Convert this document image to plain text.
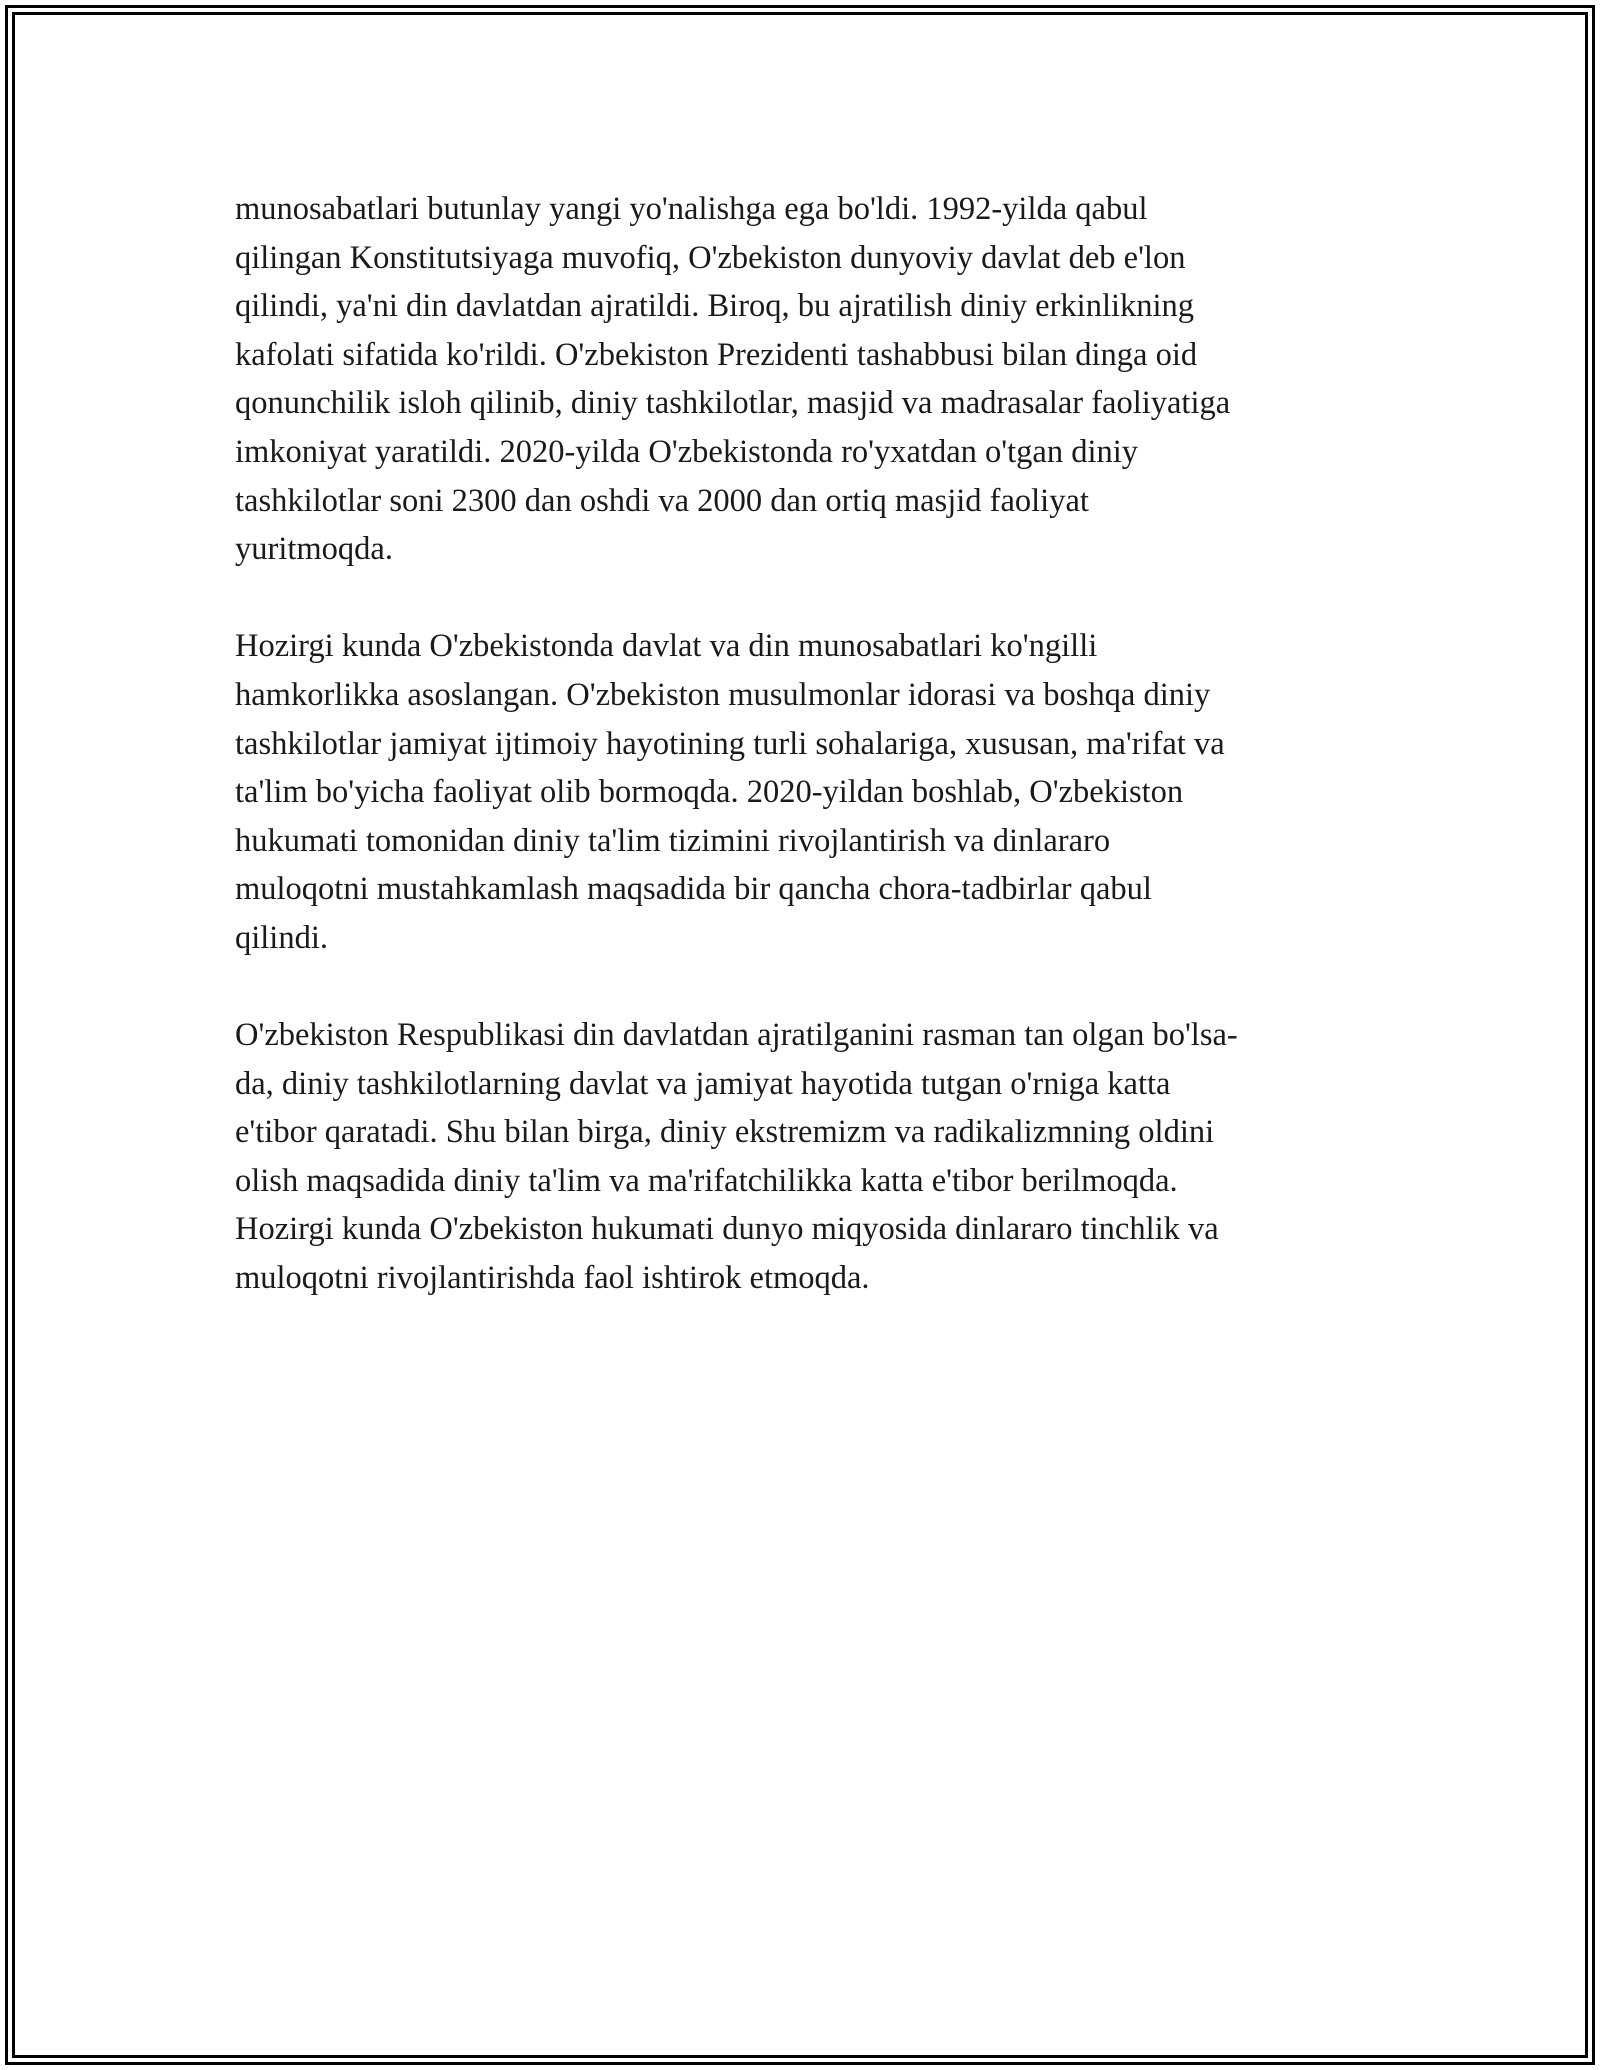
munosabatlari butunlay yangi yo'nalishga ega bo'ldi. 1992-yilda qabul
qilingan Konstitutsiyaga muvofiq, O'zbekiston dunyoviy davlat deb e'lon
qilindi, ya'ni din davlatdan ajratildi. Biroq, bu ajratilish diniy erkinlikning
kafolati sifatida ko'rildi. O'zbekiston Prezidenti tashabbusi bilan dinga oid
qonunchilik isloh qilinib, diniy tashkilotlar, masjid va madrasalar faoliyatiga
imkoniyat yaratildi. 2020-yilda O'zbekistonda ro'yxatdan o'tgan diniy
tashkilotlar soni 2300 dan oshdi va 2000 dan ortiq masjid faoliyat
yuritmoqda.

Hozirgi kunda O'zbekistonda davlat va din munosabatlari ko'ngilli
hamkorlikka asoslangan. O'zbekiston musulmonlar idorasi va boshqa diniy
tashkilotlar jamiyat ijtimoiy hayotining turli sohalariga, xususan, ma'rifat va
ta'lim bo'yicha faoliyat olib bormoqda. 2020-yildan boshlab, O'zbekiston
hukumati tomonidan diniy ta'lim tizimini rivojlantirish va dinlararo
muloqotni mustahkamlash maqsadida bir qancha chora-tadbirlar qabul
qilindi.

O'zbekiston Respublikasi din davlatdan ajratilganini rasman tan olgan bo'lsa-
da, diniy tashkilotlarning davlat va jamiyat hayotida tutgan o'rniga katta
e'tibor qaratadi. Shu bilan birga, diniy ekstremizm va radikalizmning oldini
olish maqsadida diniy ta'lim va ma'rifatchilikka katta e'tibor berilmoqda.
Hozirgi kunda O'zbekiston hukumati dunyo miqyosida dinlararo tinchlik va
muloqotni rivojlantirishda faol ishtirok etmoqda.
